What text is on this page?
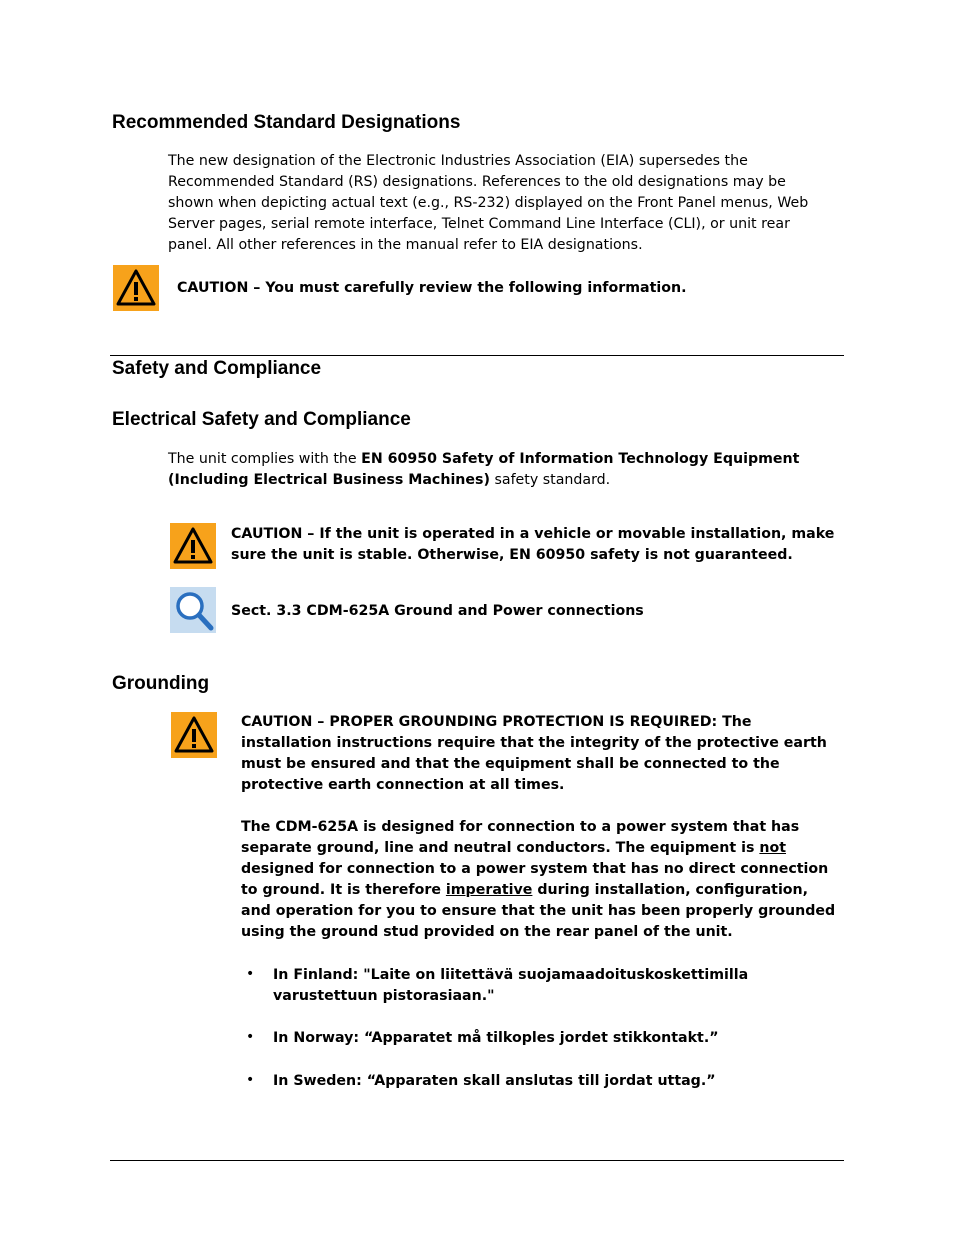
Recommended Standard Designations

The new designation of the Electronic Industries Association (EIA) supersedes the Recommended Standard (RS) designations. References to the old designations may be shown when depicting actual text (e.g., RS-232) displayed on the Front Panel menus, Web Server pages, serial remote interface, Telnet Command Line Interface (CLI), or unit rear panel. All other references in the manual refer to EIA designations.

CAUTION – You must carefully review the following information.

Safety and Compliance
Electrical Safety and Compliance

The unit complies with the EN 60950 Safety of Information Technology Equipment (Including Electrical Business Machines) safety standard.

CAUTION – If the unit is operated in a vehicle or movable installation, make sure the unit is stable. Otherwise, EN 60950 safety is not guaranteed.

Sect. 3.3 CDM-625A Ground and Power connections

Grounding

CAUTION – PROPER GROUNDING PROTECTION IS REQUIRED: The installation instructions require that the integrity of the protective earth must be ensured and that the equipment shall be connected to the protective earth connection at all times.

The CDM-625A is designed for connection to a power system that has separate ground, line and neutral conductors. The equipment is not designed for connection to a power system that has no direct connection to ground. It is therefore imperative during installation, configuration, and operation for you to ensure that the unit has been properly grounded using the ground stud provided on the rear panel of the unit.

• In Finland: "Laite on liitettävä suojamaadoituskoskettimilla varustettuun pistorasiaan."

• In Norway: “Apparatet må tilkoples jordet stikkontakt.”

• In Sweden: “Apparaten skall anslutas till jordat uttag.”
